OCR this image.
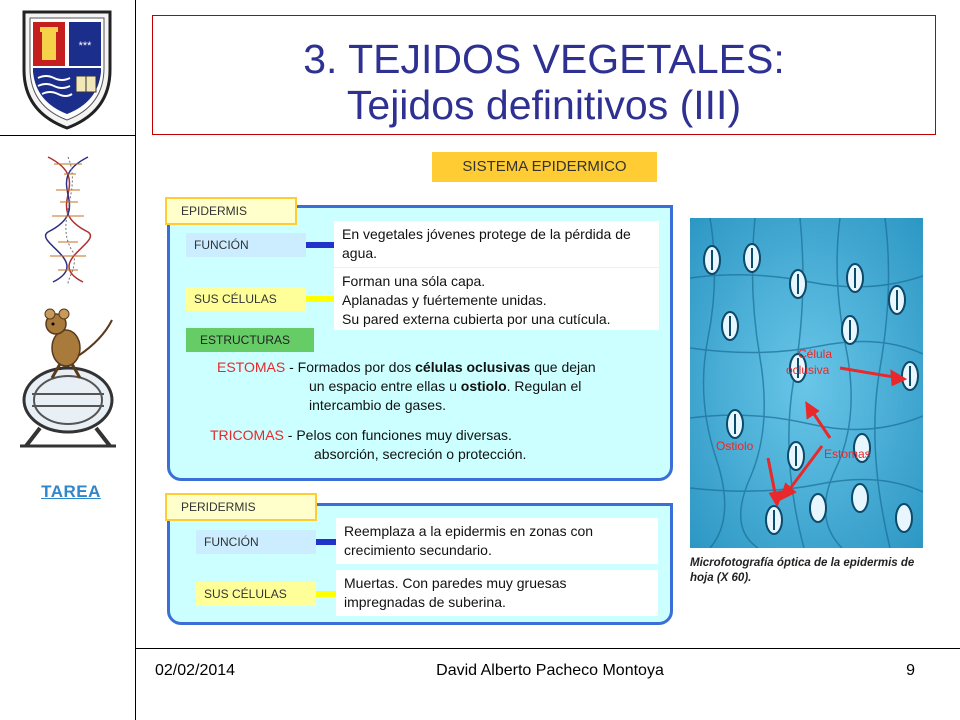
***
TAREA
3. TEJIDOS VEGETALES:
Tejidos definitivos (III)
SISTEMA EPIDERMICO
EPIDERMIS
FUNCIÓN
En vegetales jóvenes protege de la pérdida de agua.
SUS CÉLULAS
Forman una sóla capa.
Aplanadas y fuértemente unidas.
Su pared externa cubierta por una cutícula.
ESTRUCTURAS
ESTOMAS - Formados por dos células oclusivas que dejan
un espacio entre ellas u ostiolo. Regulan el
intercambio de gases.
TRICOMAS - Pelos con funciones muy diversas.
absorción, secreción o protección.
PERIDERMIS
FUNCIÓN
Reemplaza a la epidermis en zonas con crecimiento secundario.
SUS CÉLULAS
Muertas. Con paredes muy gruesas impregnadas de suberina.
Célula
oclusiva
Ostiolo
Estomas
Microfotografía óptica de la epidermis de hoja (X 60).
02/02/2014	David Alberto Pacheco Montoya	9
